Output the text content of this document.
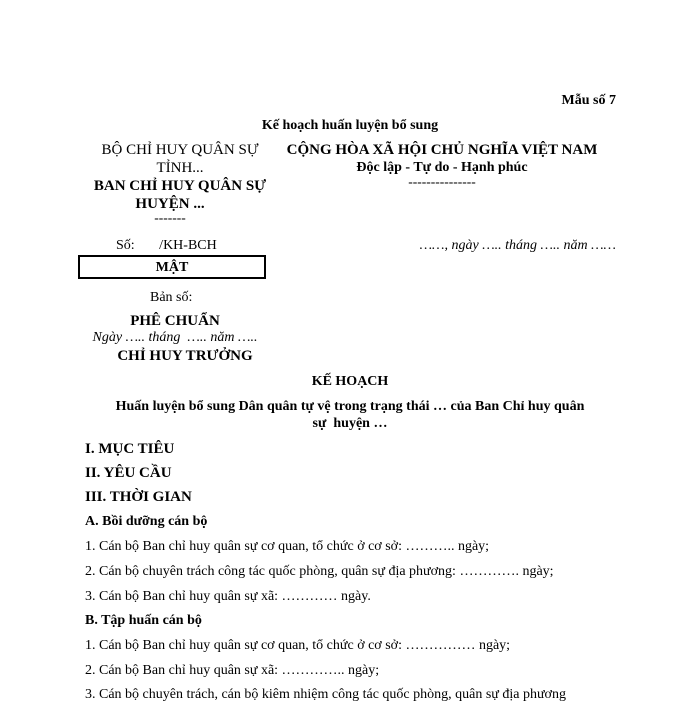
Mẫu số 7
Kế hoạch huấn luyện bổ sung
BỘ CHỈ HUY QUÂN SỰ
TỈNH...
BAN CHỈ HUY QUÂN SỰ
HUYỆN ...
-------
CỘNG HÒA XÃ HỘI CHỦ NGHĨA VIỆT NAM
Độc lập - Tự do - Hạnh phúc
---------------
Số:       /KH-BCH	……, ngày ….. tháng ….. năm ……
MẬT
Bản số:
PHÊ CHUẨN
Ngày ….. tháng  ….. năm …..
CHỈ HUY TRƯỞNG
KẾ HOẠCH
Huấn luyện bổ sung Dân quân tự vệ trong trạng thái … của Ban Chỉ huy quân
sự  huyện …
I. MỤC TIÊU
II. YÊU CẦU
III. THỜI GIAN
A. Bồi dưỡng cán bộ
1. Cán bộ Ban chỉ huy quân sự cơ quan, tổ chức ở cơ sở: ……….. ngày;
2. Cán bộ chuyên trách công tác quốc phòng, quân sự địa phương: …………. ngày;
3. Cán bộ Ban chỉ huy quân sự xã: ………… ngày.
B. Tập huấn cán bộ
1. Cán bộ Ban chỉ huy quân sự cơ quan, tổ chức ở cơ sở: …………… ngày;
2. Cán bộ Ban chỉ huy quân sự xã: ………….. ngày;
3. Cán bộ chuyên trách, cán bộ kiêm nhiệm công tác quốc phòng, quân sự địa phương
